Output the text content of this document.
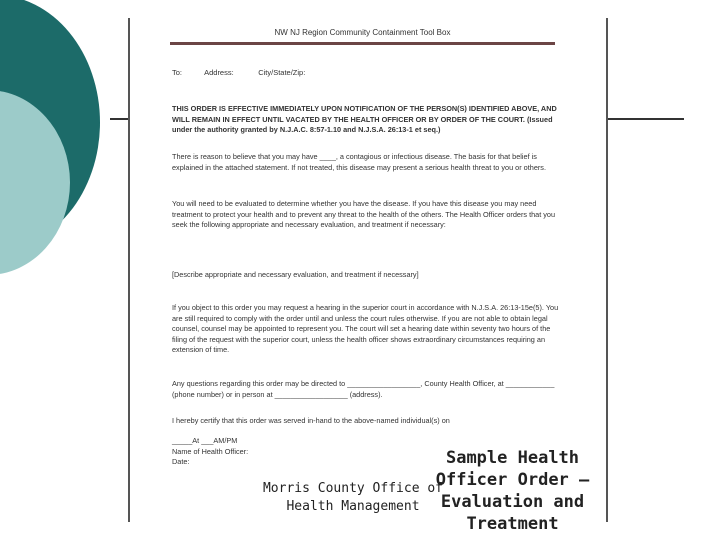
NW NJ Region Community Containment Tool Box
To:	Address:	City/State/Zip:
THIS ORDER IS EFFECTIVE IMMEDIATELY UPON NOTIFICATION OF THE PERSON(S) IDENTIFIED ABOVE, AND WILL REMAIN IN EFFECT UNTIL VACATED BY THE HEALTH OFFICER OR BY ORDER OF THE COURT. (Issued under the authority granted by N.J.A.C. 8:57-1.10 and N.J.S.A. 26:13-1 et seq.)
There is reason to believe that you may have ____, a contagious or infectious disease. The basis for that belief is explained in the attached statement. If not treated, this disease may present a serious health threat to you or others.
You will need to be evaluated to determine whether you have the disease. If you have this disease you may need treatment to protect your health and to prevent any threat to the health of the others. The Health Officer orders that you seek the following appropriate and necessary evaluation, and treatment if necessary:
[Describe appropriate and necessary evaluation, and treatment if necessary]
If you object to this order you may request a hearing in the superior court in accordance with N.J.S.A. 26:13-15e(5). You are still required to comply with the order until and unless the court rules otherwise. If you are not able to obtain legal counsel, counsel may be appointed to represent you. The court will set a hearing date within seventy two hours of the filing of the request with the superior court, unless the health officer shows extraordinary circumstances requiring an extension of time.
Any questions regarding this order may be directed to __________________, County Health Officer, at ____________ (phone number) or in person at __________________ (address).
I hereby certify that this order was served in-hand to the above-named individual(s) on
_____At ___AM/PM
Name of Health Officer:
Date:	Sample Health Officer Order – Evaluation and Treatment
Morris County Office of Health Management
